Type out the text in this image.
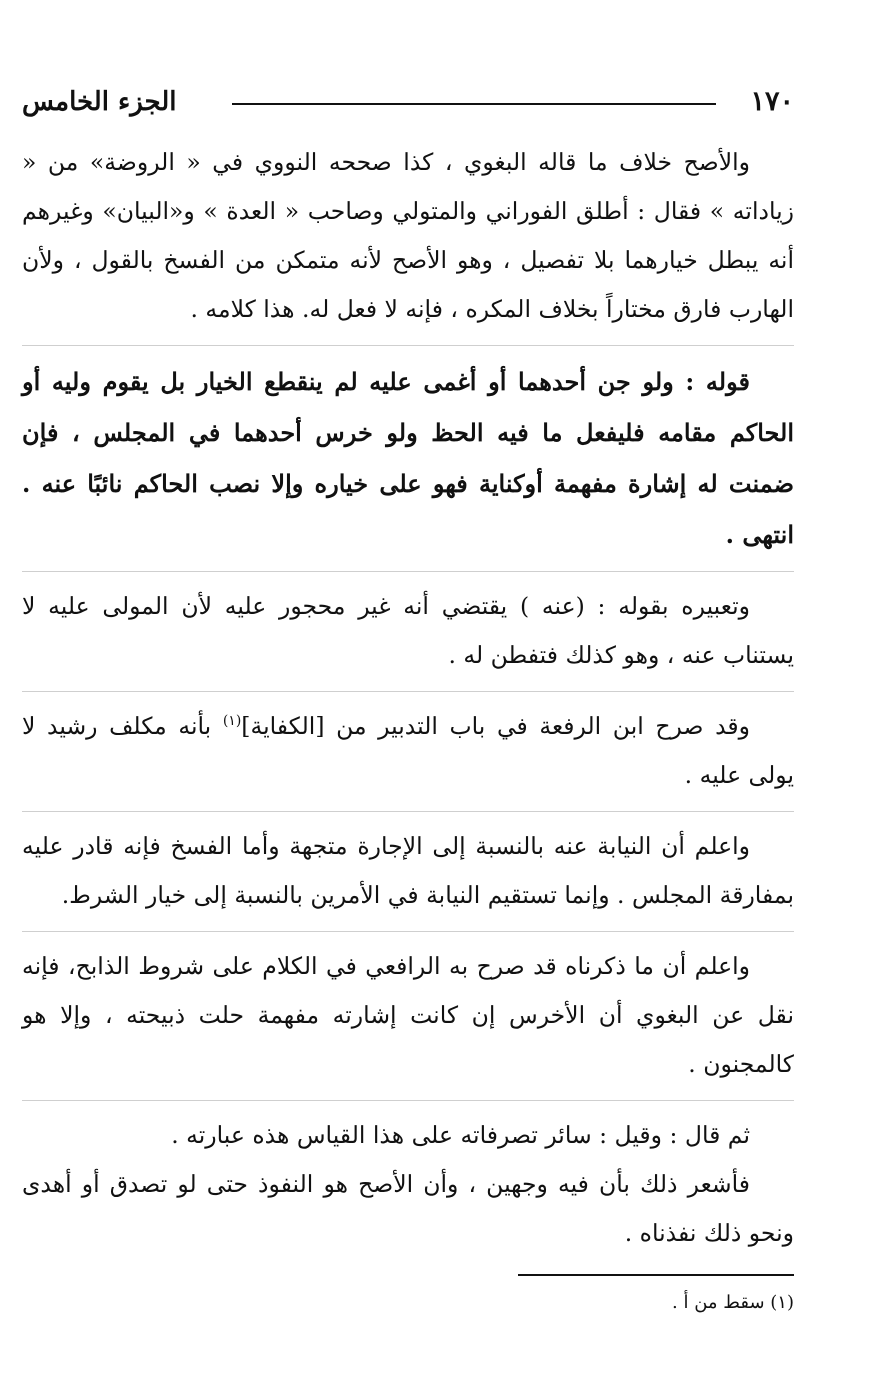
١٧٠
الجزء الخامس

والأصح خلاف ما قاله البغوي ، كذا صححه النووي في « الروضة» من « زياداته » فقال : أطلق الفوراني والمتولي وصاحب « العدة » و«البيان» وغيرهم أنه يبطل خيارهما بلا تفصيل ، وهو الأصح لأنه متمكن من الفسخ بالقول ، ولأن الهارب فارق مختاراً بخلاف المكره ، فإنه لا فعل له. هذا كلامه .

قوله : ولو جن أحدهما أو أغمى عليه لم ينقطع الخيار بل يقوم وليه أو الحاكم مقامه فليفعل ما فيه الحظ ولو خرس أحدهما في المجلس ، فإن ضمنت له إشارة مفهمة أوكناية فهو على خياره وإلا نصب الحاكم نائبًا عنه . انتهى .

وتعبيره بقوله : (عنه ) يقتضي أنه غير محجور عليه لأن المولى عليه لا يستناب عنه ، وهو كذلك فتفطن له .

وقد صرح ابن الرفعة في باب التدبير من [الكفاية]$^{(١)}$ بأنه مكلف رشيد لا يولى عليه .

واعلم أن النيابة عنه بالنسبة إلى الإجارة متجهة وأما الفسخ فإنه قادر عليه بمفارقة المجلس . وإنما تستقيم النيابة في الأمرين بالنسبة إلى خيار الشرط.

واعلم أن ما ذكرناه قد صرح به الرافعي في الكلام على شروط الذابح، فإنه نقل عن البغوي أن الأخرس إن كانت إشارته مفهمة حلت ذبيحته ، وإلا هو كالمجنون .

ثم قال : وقيل : سائر تصرفاته على هذا القياس هذه عبارته .

فأشعر ذلك بأن فيه وجهين ، وأن الأصح هو النفوذ حتى لو تصدق أو أهدى ونحو ذلك نفذناه .

(١) سقط من أ .
